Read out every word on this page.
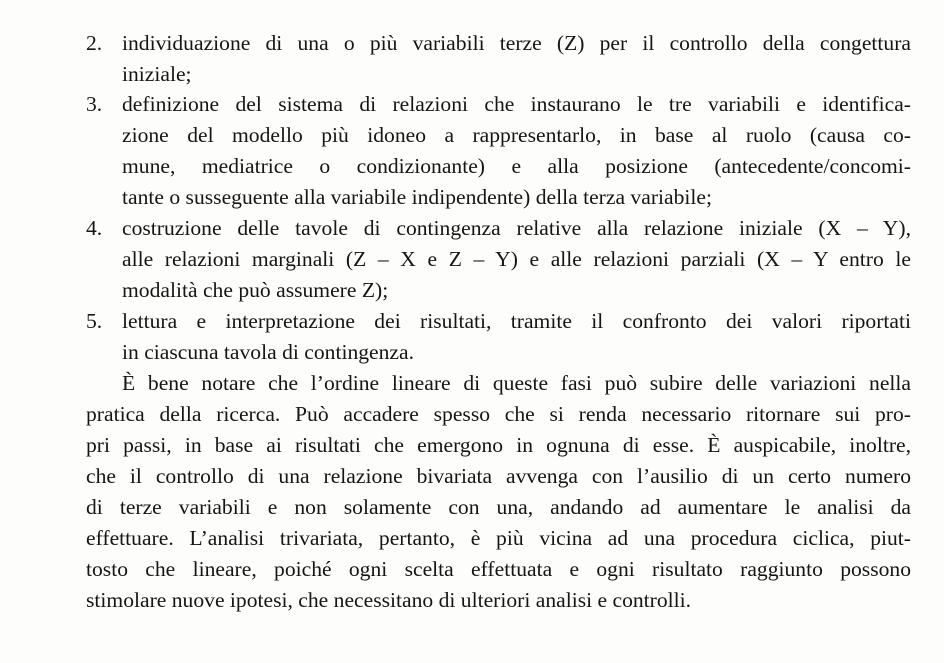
2. individuazione di una o più variabili terze (Z) per il controllo della congettura
iniziale;
3. definizione del sistema di relazioni che instaurano le tre variabili e identifica-
zione del modello più idoneo a rappresentarlo, in base al ruolo (causa co-
mune, mediatrice o condizionante) e alla posizione (antecedente/concomi-
tante o susseguente alla variabile indipendente) della terza variabile;
4. costruzione delle tavole di contingenza relative alla relazione iniziale (X – Y),
alle relazioni marginali (Z – X e Z – Y) e alle relazioni parziali (X – Y entro le
modalità che può assumere Z);
5. lettura e interpretazione dei risultati, tramite il confronto dei valori riportati
in ciascuna tavola di contingenza.
È bene notare che l’ordine lineare di queste fasi può subire delle variazioni nella
pratica della ricerca. Può accadere spesso che si renda necessario ritornare sui pro-
pri passi, in base ai risultati che emergono in ognuna di esse. È auspicabile, inoltre,
che il controllo di una relazione bivariata avvenga con l’ausilio di un certo numero
di terze variabili e non solamente con una, andando ad aumentare le analisi da
effettuare. L’analisi trivariata, pertanto, è più vicina ad una procedura ciclica, piut-
tosto che lineare, poiché ogni scelta effettuata e ogni risultato raggiunto possono
stimolare nuove ipotesi, che necessitano di ulteriori analisi e controlli.
